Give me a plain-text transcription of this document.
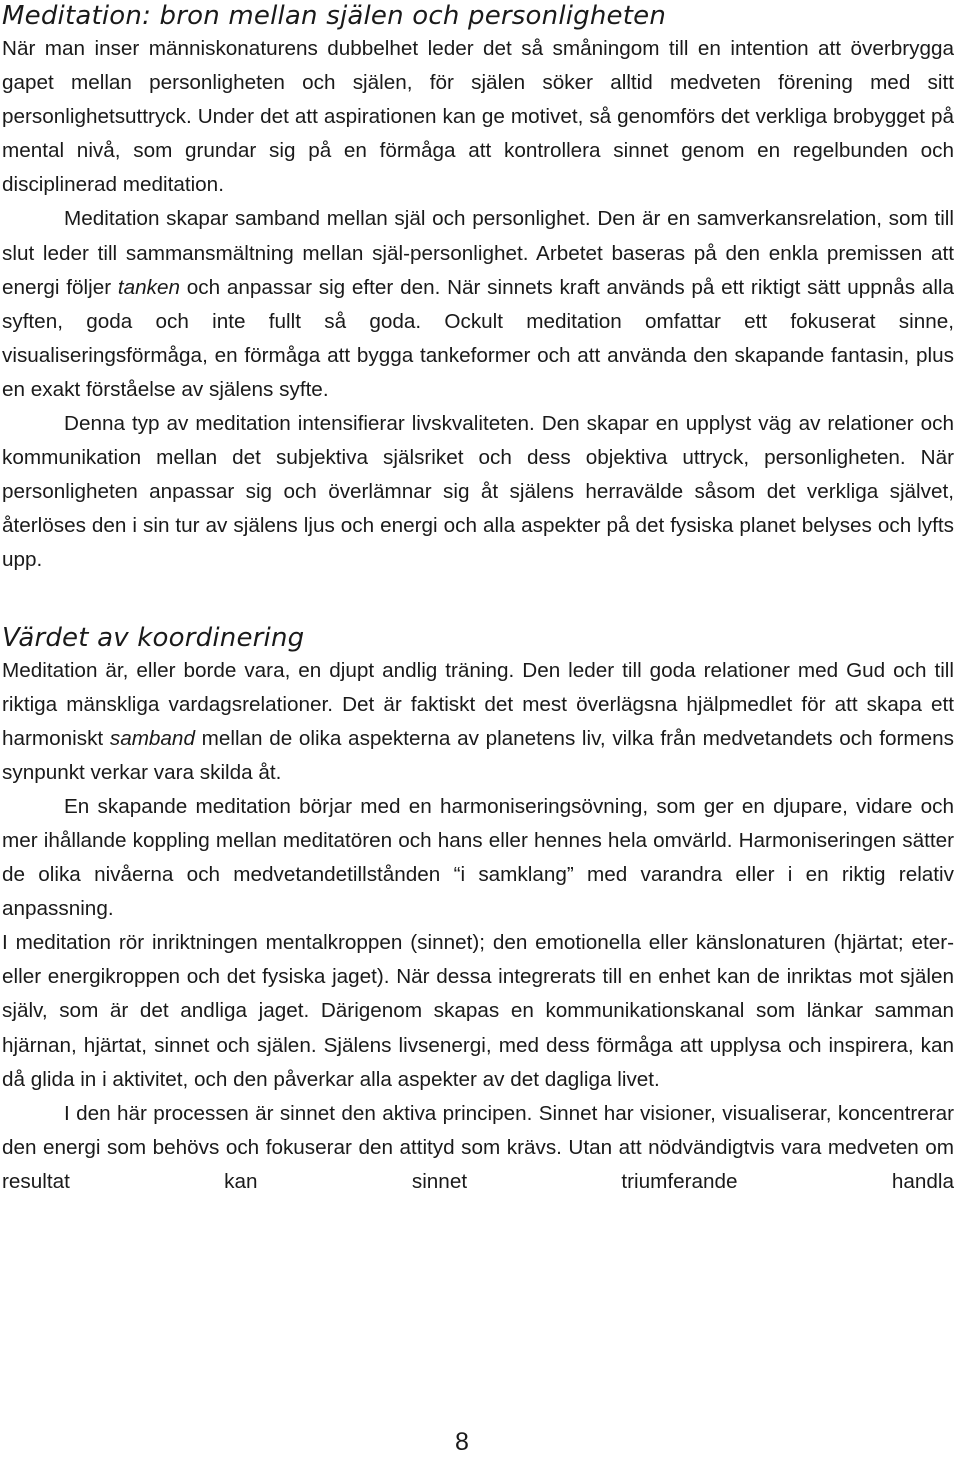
Meditation: bron mellan själen och personligheten

När man inser människonaturens dubbelhet leder det så småningom till en intention att överbrygga gapet mellan personligheten och själen, för själen söker alltid medveten förening med sitt personlighetsuttryck. Under det att aspirationen kan ge motivet, så genomförs det verkliga brobygget på mental nivå, som grundar sig på en förmåga att kontrollera sinnet genom en regelbunden och disciplinerad meditation.

Meditation skapar samband mellan själ och personlighet. Den är en samverkansrelation, som till slut leder till sammansmältning mellan själ-personlighet. Arbetet baseras på den enkla premissen att energi följer tanken och anpassar sig efter den. När sinnets kraft används på ett riktigt sätt uppnås alla syften, goda och inte fullt så goda. Ockult meditation omfattar ett fokuserat sinne, visualiseringsförmåga, en förmåga att bygga tankeformer och att använda den skapande fantasin, plus en exakt förståelse av själens syfte.

Denna typ av meditation intensifierar livskvaliteten. Den skapar en upplyst väg av relationer och kommunikation mellan det subjektiva själsriket och dess objektiva uttryck, personligheten. När personligheten anpassar sig och överlämnar sig åt själens herravälde såsom det verkliga självet, återlöses den i sin tur av själens ljus och energi och alla aspekter på det fysiska planet belyses och lyfts upp.

Värdet av koordinering

Meditation är, eller borde vara, en djupt andlig träning. Den leder till goda relationer med Gud och till riktiga mänskliga vardagsrelationer. Det är faktiskt det mest överlägsna hjälpmedlet för att skapa ett harmoniskt samband mellan de olika aspekterna av planetens liv, vilka från medvetandets och formens synpunkt verkar vara skilda åt.

En skapande meditation börjar med en harmoniseringsövning, som ger en djupare, vidare och mer ihållande koppling mellan meditatören och hans eller hennes hela omvärld. Harmoniseringen sätter de olika nivåerna och medvetandetillstånden “i samklang” med varandra eller i en riktig relativ anpassning.

I meditation rör inriktningen mentalkroppen (sinnet); den emotionella eller känslonaturen (hjärtat; eter- eller energikroppen och det fysiska jaget). När dessa integrerats till en enhet kan de inriktas mot själen själv, som är det andliga jaget. Därigenom skapas en kommunikationskanal som länkar samman hjärnan, hjärtat, sinnet och själen. Själens livsenergi, med dess förmåga att upplysa och inspirera, kan då glida in i aktivitet, och den påverkar alla aspekter av det dagliga livet.

I den här processen är sinnet den aktiva principen. Sinnet har visioner, visualiserar, koncentrerar den energi som behövs och fokuserar den attityd som krävs. Utan att nödvändigtvis vara medveten om resultat kan sinnet triumferande handla

8
